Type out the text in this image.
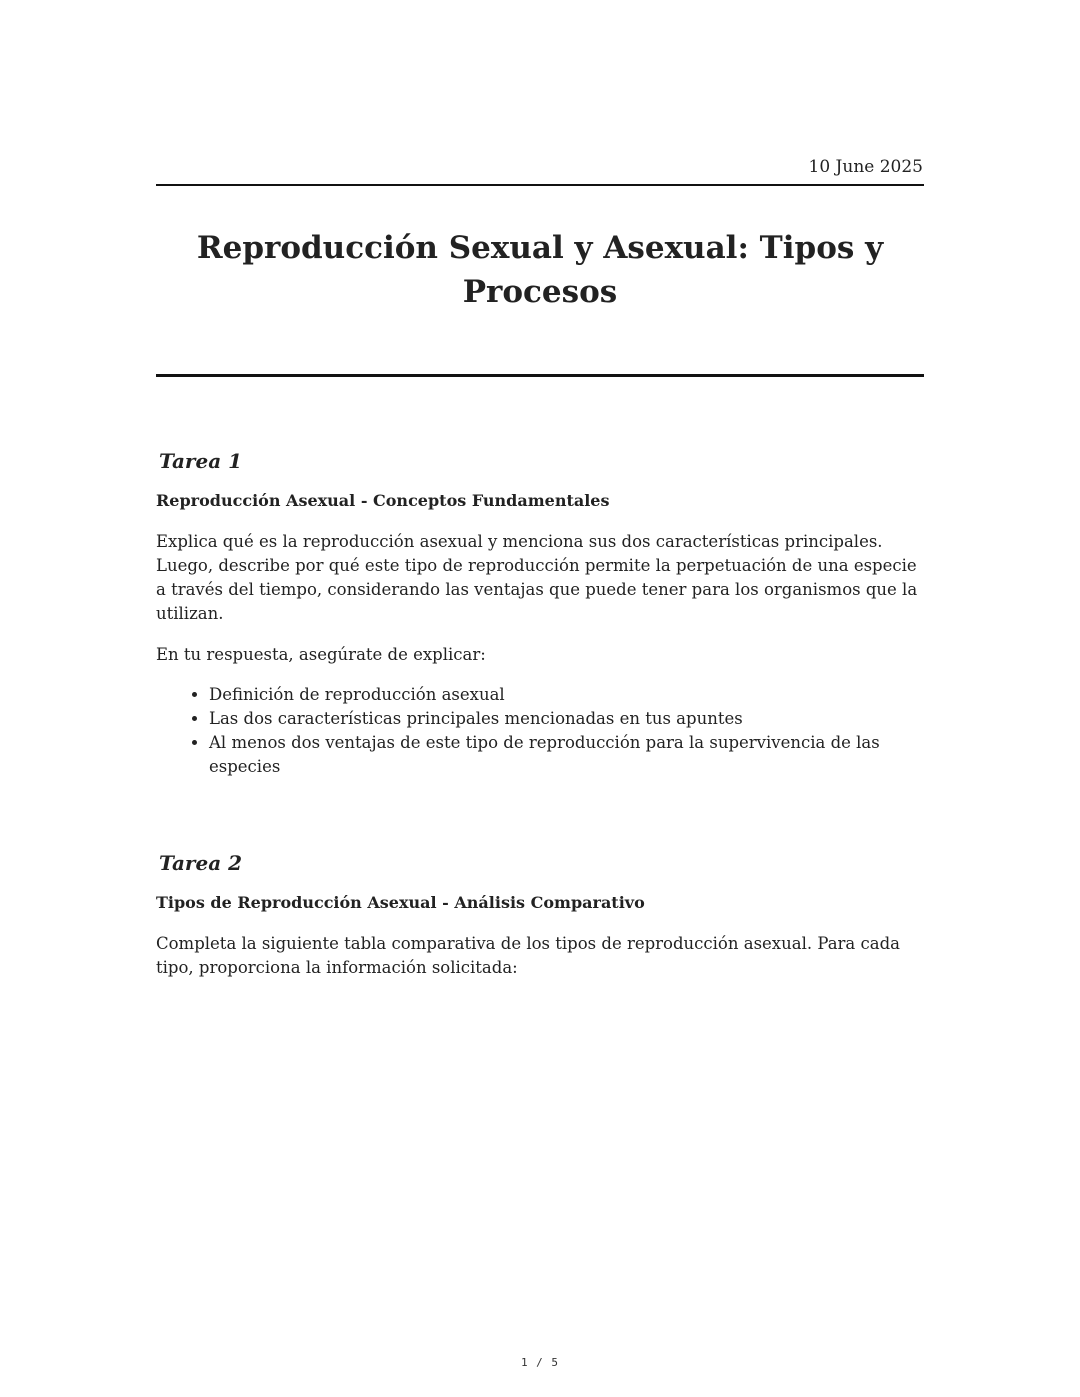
10 June 2025
Reproducción Sexual y Asexual: Tipos y Procesos
Tarea 1
Reproducción Asexual - Conceptos Fundamentales

Explica qué es la reproducción asexual y menciona sus dos características principales. Luego, describe por qué este tipo de reproducción permite la perpetuación de una especie a través del tiempo, considerando las ventajas que puede tener para los organismos que la utilizan.

En tu respuesta, asegúrate de explicar:

• Definición de reproducción asexual
• Las dos características principales mencionadas en tus apuntes
• Al menos dos ventajas de este tipo de reproducción para la supervivencia de las especies
Tarea 2
Tipos de Reproducción Asexual - Análisis Comparativo

Completa la siguiente tabla comparativa de los tipos de reproducción asexual. Para cada tipo, proporciona la información solicitada:

1 / 5
